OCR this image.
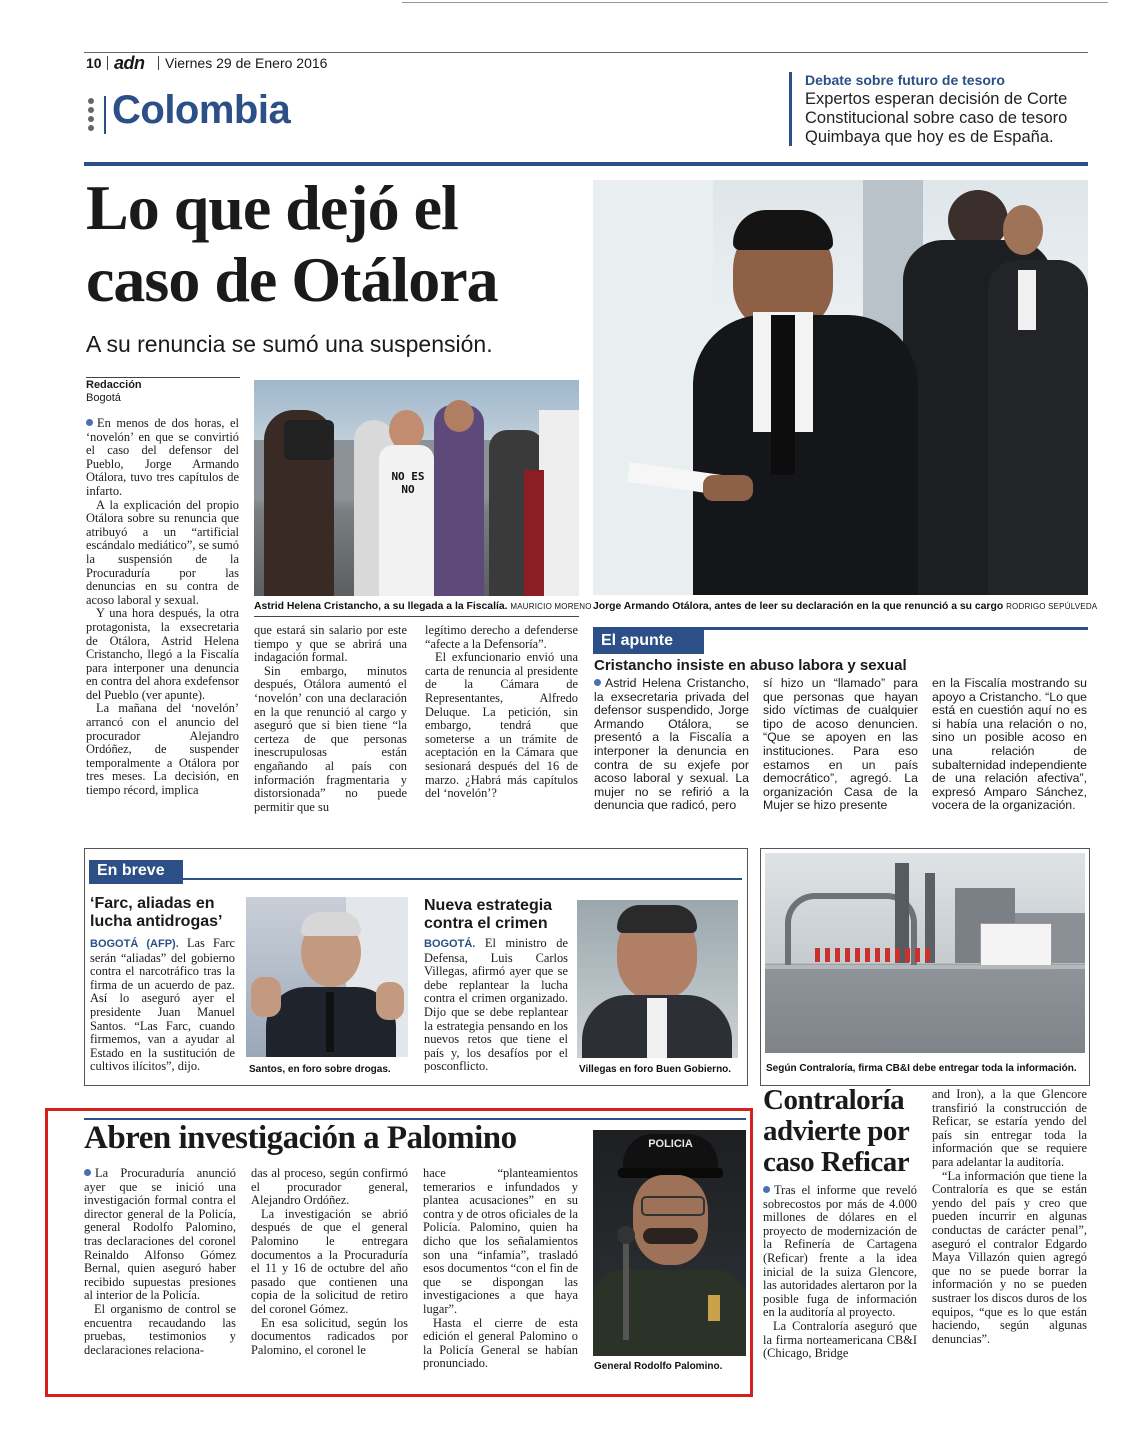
10 adn Viernes 29 de Enero 2016
Colombia
Debate sobre futuro de tesoro
Expertos esperan decisión de Corte
Constitucional sobre caso de tesoro
Quimbaya que hoy es de España.
Lo que dejó el
caso de Otálora
A su renuncia se sumó una suspensión.
Redacción
Bogotá

En menos de dos horas, el ‘novelón’ en que se convirtió el caso del defensor del Pueblo, Jorge Armando Otálora, tuvo tres capítulos de infarto.

A la explicación del propio Otálora sobre su renuncia que atribuyó a un “artificial escándalo mediático”, se sumó la suspensión de la Procuraduría por las denuncias en su contra de acoso laboral y sexual.

Y una hora después, la otra protagonista, la exsecretaria de Otálora, Astrid Helena Cristancho, llegó a la Fiscalía para interponer una denuncia en contra del ahora exdefensor del Pueblo (ver apunte).

La mañana del ‘novelón’ arrancó con el anuncio del procurador Alejandro Ordóñez, de suspender temporalmente a Otálora por tres meses. La decisión, en tiempo récord, implica

NO ES NO
Astrid Helena Cristancho, a su llegada a la Fiscalía. MAURICIO MORENO Jorge Armando Otálora, antes de leer su declaración en la que renunció a su cargo RODRIGO SEPÚLVEDA

que estará sin salario por este tiempo y que se abrirá una indagación formal.

Sin embargo, minutos después, Otálora aumentó el ‘novelón’ con una declaración en la que renunció al cargo y aseguró que si bien tiene “la certeza de que personas inescrupulosas están engañando al país con información fragmentaria y distorsionada” no puede permitir que su

legítimo derecho a defenderse “afecte a la Defensoría”.

El exfuncionario envió una carta de renuncia al presidente de la Cámara de Representantes, Alfredo Deluque. La petición, sin embargo, tendrá que someterse a un trámite de aceptación en la Cámara que sesionará después del 16 de marzo. ¿Habrá más capítulos del ‘novelón’?

El apunte
Cristancho insiste en abuso labora y sexual

Astrid Helena Cristancho, la exsecretaria privada del defensor suspendido, Jorge Armando Otálora, se presentó a la Fiscalía a interponer la denuncia en contra de su exjefe por acoso laboral y sexual. La mujer no se refirió a la denuncia que radicó, pero

sí hizo un “llamado” para que personas que hayan sido víctimas de cualquier tipo de acoso denuncien. “Que se apoyen en las instituciones. Para eso estamos en un país democrático”, agregó. La organización Casa de la Mujer se hizo presente

en la Fiscalía mostrando su apoyo a Cristancho. “Lo que está en cuestión aquí no es si había una relación o no, sino un posible acoso en una relación de subalternidad independiente de una relación afectiva”, expresó Amparo Sánchez, vocera de la organización.

En breve
‘Farc, aliadas en
lucha antidrogas’

BOGOTÁ (AFP). Las Farc serán “aliadas” del gobierno contra el narcotráfico tras la firma de un acuerdo de paz. Así lo aseguró ayer el presidente Juan Manuel Santos. “Las Farc, cuando firmemos, van a ayudar al Estado en la sustitución de cultivos ilícitos”, dijo.	Santos, en foro sobre drogas.
Nueva estrategia
contra el crimen

BOGOTÁ. El ministro de Defensa, Luis Carlos Villegas, afirmó ayer que se debe replantear la lucha contra el crimen organizado. Dijo que se debe replantear la estrategia pensando en los nuevos retos que tiene el país y, los desafíos por el posconflicto.	Villegas en foro Buen Gobierno.	Según Contraloría, firma CB&I debe entregar toda la información.
Abren investigación a Palomino

La Procuraduría anunció ayer que se inició una investigación formal contra el director general de la Policía, general Rodolfo Palomino, tras declaraciones del coronel Reinaldo Alfonso Gómez Bernal, quien aseguró haber recibido supuestas presiones al interior de la Policía.

El organismo de control se encuentra recaudando las pruebas, testimonios y declaraciones relaciona-

das al proceso, según confirmó el procurador general, Alejandro Ordóñez.

La investigación se abrió después de que el general Palomino le entregara documentos a la Procuraduría el 11 y 16 de octubre del año pasado que contienen una copia de la solicitud de retiro del coronel Gómez.

En esa solicitud, según los documentos radicados por Palomino, el coronel le

hace “planteamientos temerarios e infundados y plantea acusaciones” en su contra y de otros oficiales de la Policía. Palomino, quien ha dicho que los señalamientos son una “infamia”, trasladó esos documentos “con el fin de que se dispongan las investigaciones a que haya lugar”.

Hasta el cierre de esta edición el general Palomino o la Policía General se habían pronunciado.

POLICIA
General Rodolfo Palomino.
Contraloría
advierte por
caso Reficar

Tras el informe que reveló sobrecostos por más de 4.000 millones de dólares en el proyecto de modernización de la Refinería de Cartagena (Reficar) frente a la idea inicial de la suiza Glencore, las autoridades alertaron por la posible fuga de información en la auditoría al proyecto.

La Contraloría aseguró que la firma norteamericana CB&I (Chicago, Bridge

and Iron), a la que Glencore transfirió la construcción de Reficar, se estaría yendo del país sin entregar toda la información que se requiere para adelantar la auditoría.

“La información que tiene la Contraloría es que se están yendo del país y creo que pueden incurrir en algunas conductas de carácter penal”, aseguró el contralor Edgardo Maya Villazón quien agregó que no se puede borrar la información y no se pueden sustraer los discos duros de los equipos, “que es lo que están haciendo, según algunas denuncias”.
